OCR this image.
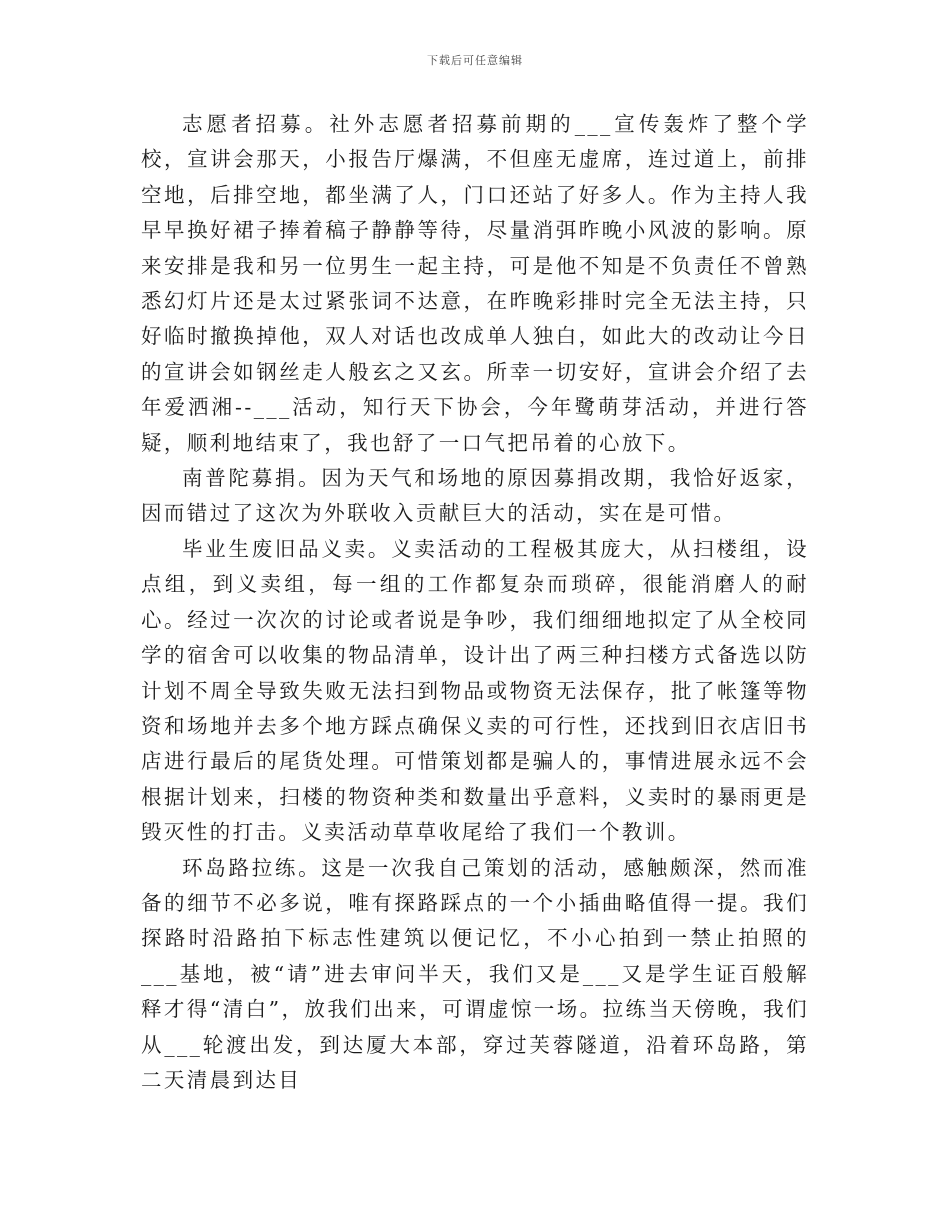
下载后可任意编辑

志愿者招募。社外志愿者招募前期的___宣传轰炸了整个学校，宣讲会那天，小报告厅爆满，不但座无虚席，连过道上，前排空地，后排空地，都坐满了人，门口还站了好多人。作为主持人我早早换好裙子捧着稿子静静等待，尽量消弭昨晚小风波的影响。原来安排是我和另一位男生一起主持，可是他不知是不负责任不曾熟悉幻灯片还是太过紧张词不达意，在昨晚彩排时完全无法主持，只好临时撤换掉他，双人对话也改成单人独白，如此大的改动让今日的宣讲会如钢丝走人般玄之又玄。所幸一切安好，宣讲会介绍了去年爱洒湘--___活动，知行天下协会，今年鹭萌芽活动，并进行答疑，顺利地结束了，我也舒了一口气把吊着的心放下。

南普陀募捐。因为天气和场地的原因募捐改期，我恰好返家，因而错过了这次为外联收入贡献巨大的活动，实在是可惜。

毕业生废旧品义卖。义卖活动的工程极其庞大，从扫楼组，设点组，到义卖组，每一组的工作都复杂而琐碎，很能消磨人的耐心。经过一次次的讨论或者说是争吵，我们细细地拟定了从全校同学的宿舍可以收集的物品清单，设计出了两三种扫楼方式备选以防计划不周全导致失败无法扫到物品或物资无法保存，批了帐篷等物资和场地并去多个地方踩点确保义卖的可行性，还找到旧衣店旧书店进行最后的尾货处理。可惜策划都是骗人的，事情进展永远不会根据计划来，扫楼的物资种类和数量出乎意料，义卖时的暴雨更是毁灭性的打击。义卖活动草草收尾给了我们一个教训。

环岛路拉练。这是一次我自己策划的活动，感触颇深，然而准备的细节不必多说，唯有探路踩点的一个小插曲略值得一提。我们探路时沿路拍下标志性建筑以便记忆，不小心拍到一禁止拍照的___基地，被“请”进去审问半天，我们又是___又是学生证百般解释才得“清白”，放我们出来，可谓虚惊一场。拉练当天傍晚，我们从___轮渡出发，到达厦大本部，穿过芙蓉隧道，沿着环岛路，第二天清晨到达目
